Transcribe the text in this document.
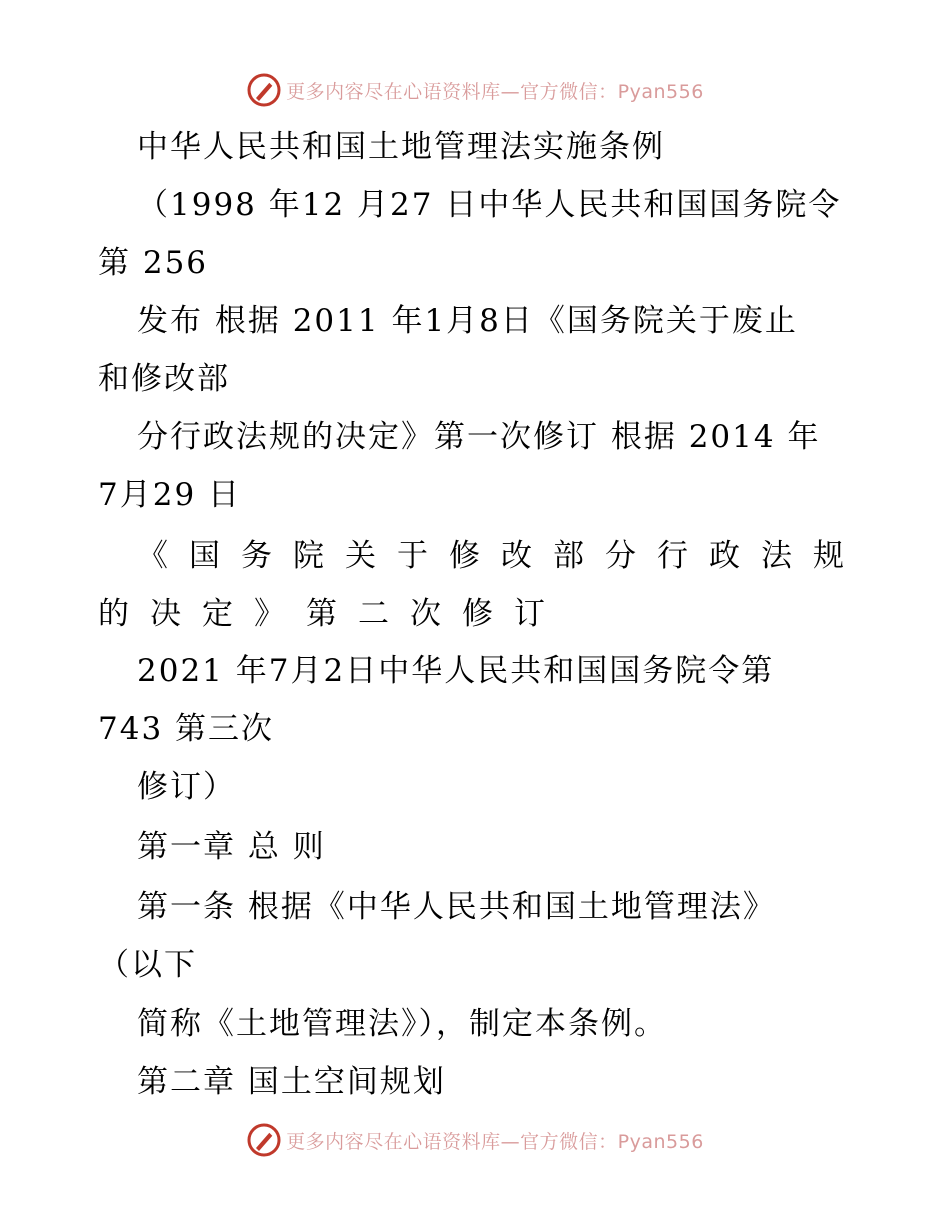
更多内容尽在心语资料库—官方微信：Pyan556
中华人民共和国土地管理法实施条例
（1998 年12 月27 日中华人民共和国国务院令
第 256
发布 根据 2011 年1月8日《国务院关于废止
和修改部
分行政法规的决定》第一次修订 根据 2014 年
7月29 日
《国务院关于修改部分行政法规
的决定》第二次修订
2021 年7月2日中华人民共和国国务院令第
743 第三次
修订）
第一章 总 则
第一条 根据《中华人民共和国土地管理法》
（以下
简称《土地管理法》），制定本条例。
第二章 国土空间规划
更多内容尽在心语资料库—官方微信：Pyan556
